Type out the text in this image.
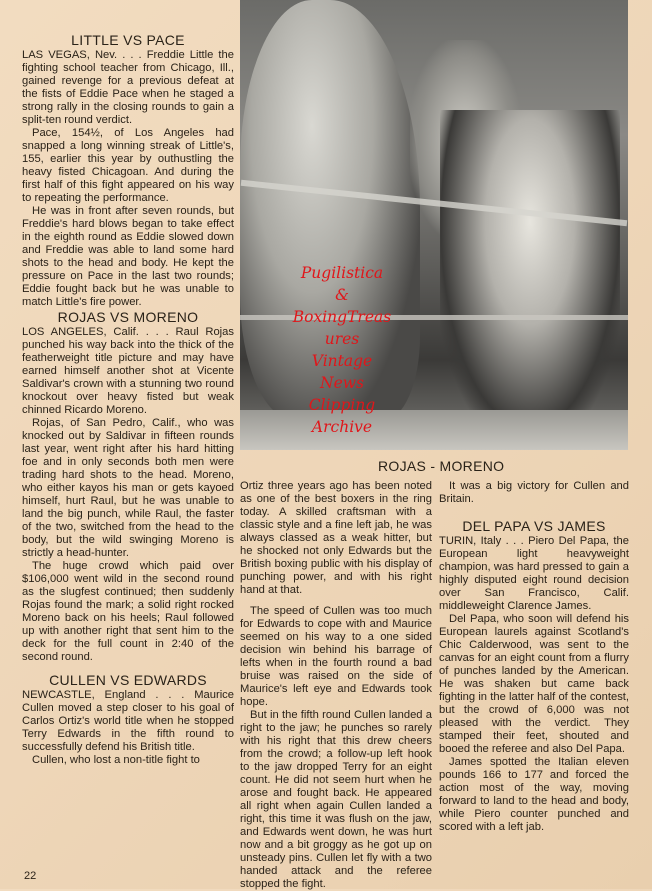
Pugilistica
&
BoxingTreas
ures
Vintage
News
Clipping
Archive
ROJAS - MORENO
LITTLE VS PACE

LAS VEGAS, Nev. . . . Freddie Little the fighting school teacher from Chicago, Ill., gained revenge for a previous defeat at the fists of Eddie Pace when he staged a strong rally in the closing rounds to gain a split-ten round verdict.

Pace, 154½, of Los Angeles had snapped a long winning streak of Little's, 155, earlier this year by outhustling the heavy fisted Chicagoan. And during the first half of this fight appeared on his way to repeating the performance.

He was in front after seven rounds, but Freddie's hard blows began to take effect in the eighth round as Eddie slowed down and Freddie was able to land some hard shots to the head and body. He kept the pressure on Pace in the last two rounds; Eddie fought back but he was unable to match Little's fire power.

ROJAS VS MORENO

LOS ANGELES, Calif. . . . Raul Rojas punched his way back into the thick of the featherweight title picture and may have earned himself another shot at Vicente Saldivar's crown with a stunning two round knockout over heavy fisted but weak chinned Ricardo Moreno.

Rojas, of San Pedro, Calif., who was knocked out by Saldivar in fifteen rounds last year, went right after his hard hitting foe and in only seconds both men were trading hard shots to the head. Moreno, who either kayos his man or gets kayoed himself, hurt Raul, but he was unable to land the big punch, while Raul, the faster of the two, switched from the head to the body, but the wild swinging Moreno is strictly a head-hunter.

The huge crowd which paid over $106,000 went wild in the second round as the slugfest continued; then suddenly Rojas found the mark; a solid right rocked Moreno back on his heels; Raul followed up with another right that sent him to the deck for the full count in 2:40 of the second round.

CULLEN VS EDWARDS

NEWCASTLE, England . . . Maurice Cullen moved a step closer to his goal of Carlos Ortiz's world title when he stopped Terry Edwards in the fifth round to successfully defend his British title.

Cullen, who lost a non-title fight to

Ortiz three years ago has been noted as one of the best boxers in the ring today. A skilled craftsman with a classic style and a fine left jab, he was always classed as a weak hitter, but he shocked not only Edwards but the British boxing public with his display of punching power, and with his right hand at that.

The speed of Cullen was too much for Edwards to cope with and Maurice seemed on his way to a one sided decision win behind his barrage of lefts when in the fourth round a bad bruise was raised on the side of Maurice's left eye and Edwards took hope.

But in the fifth round Cullen landed a right to the jaw; he punches so rarely with his right that this drew cheers from the crowd; a follow-up left hook to the jaw dropped Terry for an eight count. He did not seem hurt when he arose and fought back. He appeared all right when again Cullen landed a right, this time it was flush on the jaw, and Edwards went down, he was hurt now and a bit groggy as he got up on unsteady pins. Cullen let fly with a two handed attack and the referee stopped the fight.

It was a big victory for Cullen and Britain.

DEL PAPA VS JAMES

TURIN, Italy . . . Piero Del Papa, the European light heavyweight champion, was hard pressed to gain a highly disputed eight round decision over San Francisco, Calif. middleweight Clarence James.

Del Papa, who soon will defend his European laurels against Scotland's Chic Calderwood, was sent to the canvas for an eight count from a flurry of punches landed by the American. He was shaken but came back fighting in the latter half of the contest, but the crowd of 6,000 was not pleased with the verdict. They stamped their feet, shouted and booed the referee and also Del Papa.

James spotted the Italian eleven pounds 166 to 177 and forced the action most of the way, moving forward to land to the head and body, while Piero counter punched and scored with a left jab.

22
